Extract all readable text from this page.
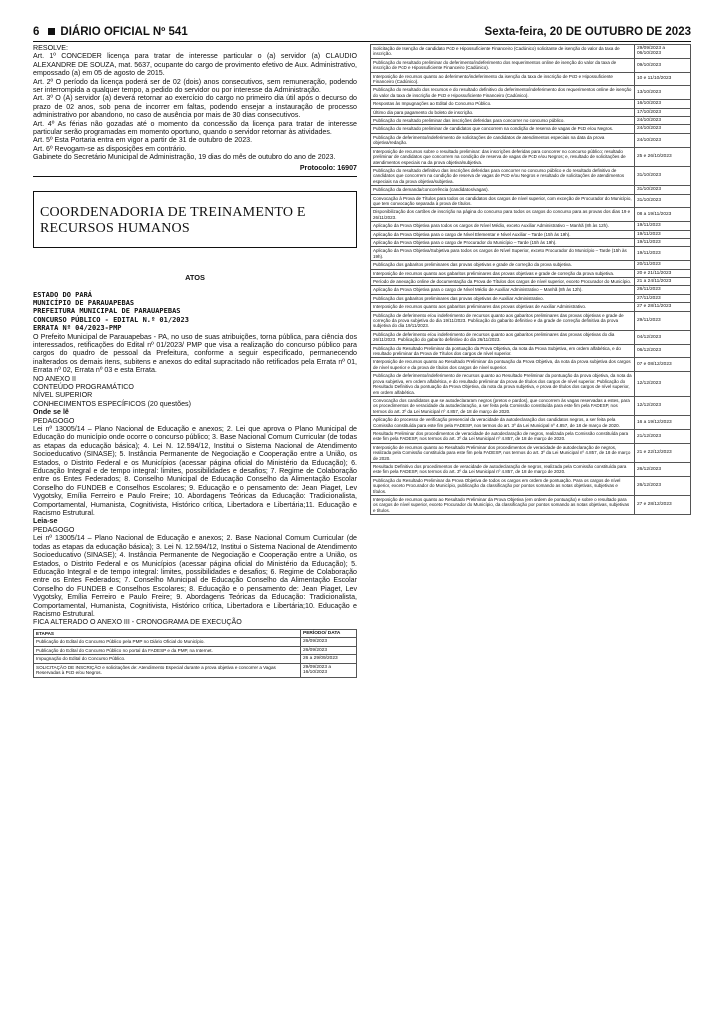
6 DIÁRIO OFICIAL Nº 541	Sexta-feira, 20 DE OUTUBRO DE 2023
RESOLVE:
Art. 1º CONCEDER licença para tratar de interesse particular o (a) servidor (a) CLAUDIO ALEXANDRE DE SOUZA, mat. 5637, ocupante do cargo de provimento efetivo de Aux. Administrativo, empossado (a) em 05 de agosto de 2015.
Art. 2º O período da licença poderá ser de 02 (dois) anos consecutivos, sem remuneração, podendo ser interrompida a qualquer tempo, a pedido do servidor ou por interesse da Administração.
Art. 3º O (A) servidor (a) deverá retornar ao exercício do cargo no primeiro dia útil após o decurso do prazo de 02 anos, sob pena de incorrer em faltas, podendo ensejar a instauração de processo administrativo por abandono, no caso de ausência por mais de 30 dias consecutivos.
Art. 4º As férias não gozadas até o momento da concessão da licença para tratar de interesse particular serão programadas em momento oportuno, quando o servidor retornar às atividades.
Art. 5º Esta Portaria entra em vigor a partir de 31 de outubro de 2023.
Art. 6º Revogam-se as disposições em contrário.
Gabinete do Secretário Municipal de Administração, 19 dias do mês de outubro do ano de 2023.
Protocolo: 16907
COORDENADORIA DE TREINAMENTO E RECURSOS HUMANOS
ATOS
ESTADO DO PARÁ
MUNICÍPIO DE PARAUAPEBAS
PREFEITURA MUNICIPAL DE PARAUAPEBAS
CONCURSO PÚBLICO - EDITAL N.º 01/2023
ERRATA Nº 04/2023-PMP
O Prefeito Municipal de Parauapebas - PA, no uso de suas atribuições, torna pública, para ciência dos interessados, retificações do Edital nº 01/2023/ PMP que visa a realização do concurso público para cargos do quadro de pessoal da Prefeitura, conforme a seguir especificado, permanecendo inalterados os demais itens, subitens e anexos do edital supracitado não retificados pela Errata nº 01, Errata nº 02, Errata nº 03 e esta Errata.
NO ANEXO II
CONTEÚDO PROGRAMÁTICO
NÍVEL SUPERIOR
CONHECIMENTOS ESPECÍFICOS (20 questões)
Onde se lê
PEDAGOGO
Lei nº 13005/14 – Plano Nacional de Educação e anexos; 2. Lei que aprova o Plano Municipal de Educação do município onde ocorre o concurso público; 3. Base Nacional Comum Curricular (de todas as etapas da educação básica); 4. Lei N. 12.594/12, Institui o Sistema Nacional de Atendimento Socioeducativo (SINASE); 5. Instância Permanente de Negociação e Cooperação entre a União, os Estados, o Distrito Federal e os Municípios (acessar página oficial do Ministério da Educação); 6. Educação Integral e de tempo integral: limites, possibilidades e desafios; 7. Regime de Colaboração entre os Entes Federados; 8. Conselho Municipal de Educação Conselho da Alimentação Escolar Conselho do FUNDEB e Conselhos Escolares; 9. Educação e o pensamento de: Jean Piaget, Lev Vygotsky, Emília Ferreiro e Paulo Freire; 10. Abordagens Teóricas da Educação: Tradicionalista, Comportamental, Humanista, Cognitivista, Histórico crítica, Libertadora e Libertária;11. Educação e Racismo Estrutural.
Leia-se
PEDAGOGO
Lei nº 13005/14 – Plano Nacional de Educação e anexos; 2. Base Nacional Comum Curricular (de todas as etapas da educação básica); 3. Lei N. 12.594/12, Institui o Sistema Nacional de Atendimento Socioeducativo (SINASE); 4. Instância Permanente de Negociação e Cooperação entre a União, os Estados, o Distrito Federal e os Municípios (acessar página oficial do Ministério da Educação); 5. Educação Integral e de tempo integral: limites, possibilidades e desafios; 6. Regime de Colaboração entre os Entes Federados; 7. Conselho Municipal de Educação Conselho da Alimentação Escolar Conselho do FUNDEB e Conselhos Escolares; 8. Educação e o pensamento de: Jean Piaget, Lev Vygotsky, Emília Ferreiro e Paulo Freire; 9. Abordagens Teóricas da Educação: Tradicionalista, Comportamental, Humanista, Cognitivista, Histórico crítica, Libertadora e Libertária;10. Educação e Racismo Estrutural.
FICA ALTERADO O ANEXO III - CRONOGRAMA DE EXECUÇÃO
ETAPAS	PERÍODO/ DATA
Publicação do Edital do Concurso Público pela PMP no Diário Oficial do Município.	26/09/2023
Publicação do Edital do Concurso Público no portal da FADESP e da PMP, na Internet.	26/09/2023
Impugnação do Edital do Concurso Público.	26 a 29/09/2023
SOLICITAÇÃO DE INSCRIÇÃO e solicitações de: Atendimento Especial durante a prova objetiva e concorrer a Vagas Reservadas à PcD e/ou Negros.	29/09/2023 a 16/10/2023
Solicitação de Isenção de candidato PcD e Hipossuficiente Financeiro (Cadúnico) solicitante de isenção do valor da taxa de inscrição.	29/09/2023 a 06/10/2023
Publicação do resultado preliminar do deferimento/indeferimento dos requerimentos online de isenção do valor da taxa de inscrição de PcD e Hipossuficiente Financeiro (Cadúnico).	09/10/2023
Interposição de recursos quanto ao deferimento/indeferimento da isenção da taxa de inscrição de PcD e Hipossuficiente Financeiro (Cadúnico).	10 e 11/10/2023
Publicação do resultado dos recursos e do resultado definitivo do deferimento/indeferimento dos requerimentos online de isenção do valor da taxa de inscrição de PcD e Hipossuficiente Financeiro (Cadúnico).	13/10/2023
Respostas às Impugnações ao Edital do Concurso Público.	16/10/2023
Último dia para pagamento do boleto de inscrição.	17/10/2023
Publicação do resultado preliminar das inscrições deferidas para concorrer no concurso público.	24/10/2023
Publicação do resultado preliminar de candidatos que concorrem na condição de reserva de vagas de PcD e/ou Negros.	24/10/2023
Publicação de deferimento/indeferimento de solicitações de candidatos de atendimentos especiais na data da prova objetiva/redação.	24/10/2023
Interposição de recursos sobre o resultado preliminar: das inscrições deferidas para concorrer no concurso público; resultado preliminar de candidatos que concorrem na condição de reserva de vagas de PcD e/ou Negros; e, resultado de solicitações de atendimentos especiais na da prova objetiva/subjetiva.	25 e 26/10/2023
Publicação do resultado definitivo das inscrições deferidas para concorrer no concurso público e do resultado definitivo de candidatos que concorrem na condição de reserva de vagas de PcD e/ou Negros e resultado de solicitações de atendimentos especiais na da prova objetiva/subjetiva.	31/10/2023
Publicação da demanda/concorrência (candidatos/vagas).	31/10/2023
Convocação à Prova de Títulos para todos os candidatos dos cargos de nível superior, com exceção de Procurador do Município, que tem convocação separada à prova de títulos.	31/10/2023
Disponibilização dos cartões de inscrição na página do concurso para todos os cargos do concurso para as provas dos dias 19 e 26/11/2023.	08 a 19/11/2023
Aplicação da Prova Objetiva para todos os cargos de Nível Médio, exceto Auxiliar Administrativo – Manhã (8h às 12h).	19/11/2023
Aplicação da Prova Objetiva para o cargo de Nível Elementar e Nível Auxiliar – Tarde (15h às 19h).	19/11/2023
Aplicação da Prova Objetiva para o cargo de Procurador do Município – Tarde (15h às 19h).	19/11/2023
Aplicação da Prova Objetiva/Subjetiva para todos os cargos de Nível Superior, exceto Procurador do Município – Tarde (15h às 19h).	19/11/2023
Publicação dos gabaritos preliminares das provas objetivas e grade de correção da prova subjetiva.	20/11/2023
Interposição de recursos quanto aos gabaritos preliminares das provas objetivas e grade de correção da prova subjetiva.	20 e 21/11/2023
Período de anexação online de documentação da Prova de Títulos dos cargos de nível superior, exceto Procurador do Município.	21 a 24/11/2023
Aplicação da Prova Objetiva para o cargo de Nível Médio de Auxiliar Administrativo – Manhã (8h às 12h).	26/11/2023
Publicação dos gabaritos preliminares das provas objetivas de Auxiliar Administrativo.	27/11/2023
Interposição de recursos quanto aos gabaritos preliminares das provas objetivas de Auxiliar Administrativo.	27 e 28/11/2023
Publicação de deferimento e/ou indeferimento de recursos quanto aos gabaritos preliminares das provas objetivas e grade de correção da prova subjetiva do dia 19/11/2023. Publicação do gabarito definitivo e da grade de correção definitiva da prova subjetiva do dia 19/11/2023.	29/11/2023
Publicação de deferimento e/ou indeferimento de recursos quanto aos gabaritos preliminares das provas objetivas do dia 26/11/2023. Publicação do gabarito definitivo do dia 26/11/2023.	04/12/2023
Publicação do Resultado Preliminar da pontuação da Prova Objetiva, da nota da Prova Subjetiva, em ordem alfabética, e do resultado preliminar da Prova de Títulos dos cargos de nível superior.	06/12/2023
Interposição de recursos quanto ao Resultado Preliminar da pontuação da Prova Objetiva, da nota da prova subjetiva dos cargos de nível superior e da prova de títulos dos cargos de nível superior.	07 e 08/12/2023
Publicação de deferimento/indeferimento de recursos quanto ao Resultado Preliminar da pontuação da prova objetiva, da nota da prova subjetiva, em ordem alfabética, e do resultado preliminar da prova de títulos dos cargos de nível superior. Publicação do Resultado Definitivo da pontuação da Prova Objetiva, da nota da prova subjetiva, e prova de títulos dos cargos de nível superior, em ordem alfabética.	12/12/2023
Convocação dos candidatos que se autodeclararam negros (pretos e pardos), que concorrem às vagas reservadas a estes, para os procedimentos de veracidade da autodeclaração, a ser feita pela Comissão constituída para este fim pela FADESP, nos termos do art. 3º da Lei Municipal nº 4.857, de 18 de março de 2020.	12/12/2023
Aplicação do processo de verificação presencial da veracidade da autodeclaração dos candidatos negros, a ser feita pela Comissão constituída para este fim pela FADESP, nos termos do art. 3º da Lei Municipal nº 4.857, de 18 de março de 2020.	16 a 19/12/2023
Resultado Preliminar dos procedimentos de veracidade de autodeclaração de negros, realizada pela Comissão constituída para este fim pela FADESP, nos termos do art. 3º da Lei Municipal nº 4.857, de 18 de março de 2020.	21/12/2023
Interposição de recursos quanto ao Resultado Preliminar dos procedimentos de veracidade de autodeclaração de negros, realizada pela Comissão constituída para este fim pela FADESP, nos termos do art. 3º da Lei Municipal nº 4.857, de 18 de março de 2020.	21 e 22/12/2023
Resultado Definitivo dos procedimentos de veracidade de autodeclaração de negros, realizada pela Comissão constituída para este fim pela FADESP, nos termos do art. 3º da Lei Municipal nº 4.857, de 18 de março de 2020.	26/12/2023
Publicação do Resultado Preliminar da Prova Objetiva de todos os cargos em ordem de pontuação. Para os cargos de nível superior, exceto Procurador do Município, publicação da classificação por pontos somando as notas objetivas, subjetivas e títulos.	26/12/2023
Interposição de recursos quanto ao Resultado Preliminar da Prova Objetiva (em ordem de pontuação) e sobre o resultado para os cargos de nível superior, exceto Procurador do Município, da classificação por pontos somando as notas objetivas, subjetivas e títulos.	27 e 28/12/2023
